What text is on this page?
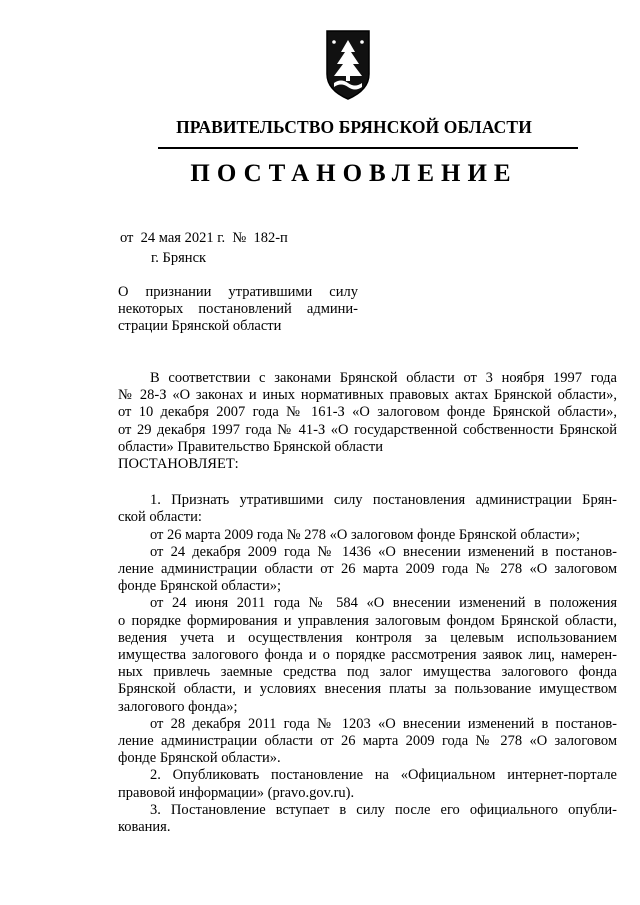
ПРАВИТЕЛЬСТВО БРЯНСКОЙ ОБЛАСТИ
ПОСТАНОВЛЕНИЕ
от  24 мая 2021 г.  №  182-п
г. Брянск
О признании утратившими силу
некоторых постановлений админи-
страции Брянской области
В соответствии с законами Брянской области от 3 ноября 1997 года
№ 28-З «О законах и иных нормативных правовых актах Брянской области»,
от 10 декабря 2007 года № 161-З «О залоговом фонде Брянской области»,
от 29 декабря 1997 года № 41-З «О государственной собственности Брянской
области» Правительство Брянской области
ПОСТАНОВЛЯЕТ:
1. Признать утратившими силу постановления администрации Брян-
ской области:
от 26 марта 2009 года № 278 «О залоговом фонде Брянской области»;
от 24 декабря 2009 года № 1436 «О внесении изменений в постанов-
ление администрации области от 26 марта 2009 года № 278 «О залоговом
фонде Брянской области»;
от 24 июня 2011 года № 584 «О внесении изменений в положения
о порядке формирования и управления залоговым фондом Брянской области,
ведения учета и осуществления контроля за целевым использованием
имущества залогового фонда и о порядке рассмотрения заявок лиц, намерен-
ных привлечь заемные средства под залог имущества залогового фонда
Брянской области, и условиях внесения платы за пользование имуществом
залогового фонда»;
от 28 декабря 2011 года № 1203 «О внесении изменений в постанов-
ление администрации области от 26 марта 2009 года № 278 «О залоговом
фонде Брянской области».
2. Опубликовать постановление на «Официальном интернет-портале
правовой информации» (pravo.gov.ru).
3. Постановление вступает в силу после его официального опубли-
кования.
